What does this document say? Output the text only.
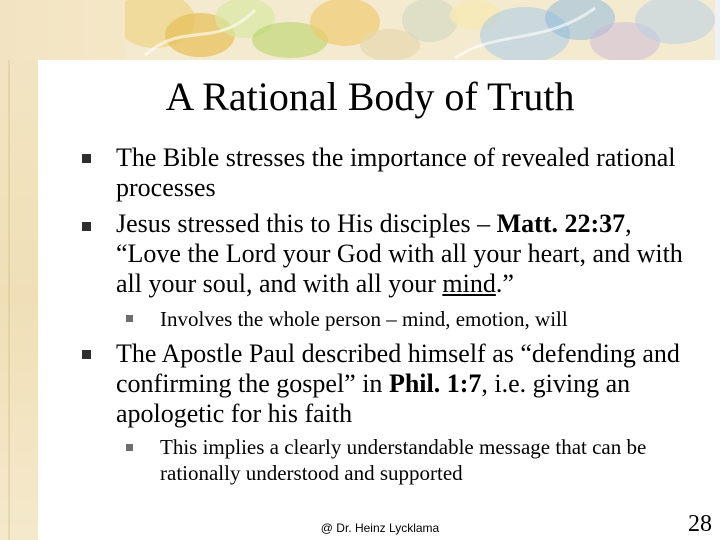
A Rational Body of Truth
The Bible stresses the importance of revealed rational processes
Jesus stressed this to His disciples – Matt. 22:37, “Love the Lord your God with all your heart, and with all your soul, and with all your mind.”
Involves the whole person – mind, emotion, will
The Apostle Paul described himself as “defending and confirming the gospel” in Phil. 1:7, i.e. giving an apologetic for his faith
This implies a clearly understandable message that can be rationally understood and supported
@ Dr. Heinz Lycklama	28
